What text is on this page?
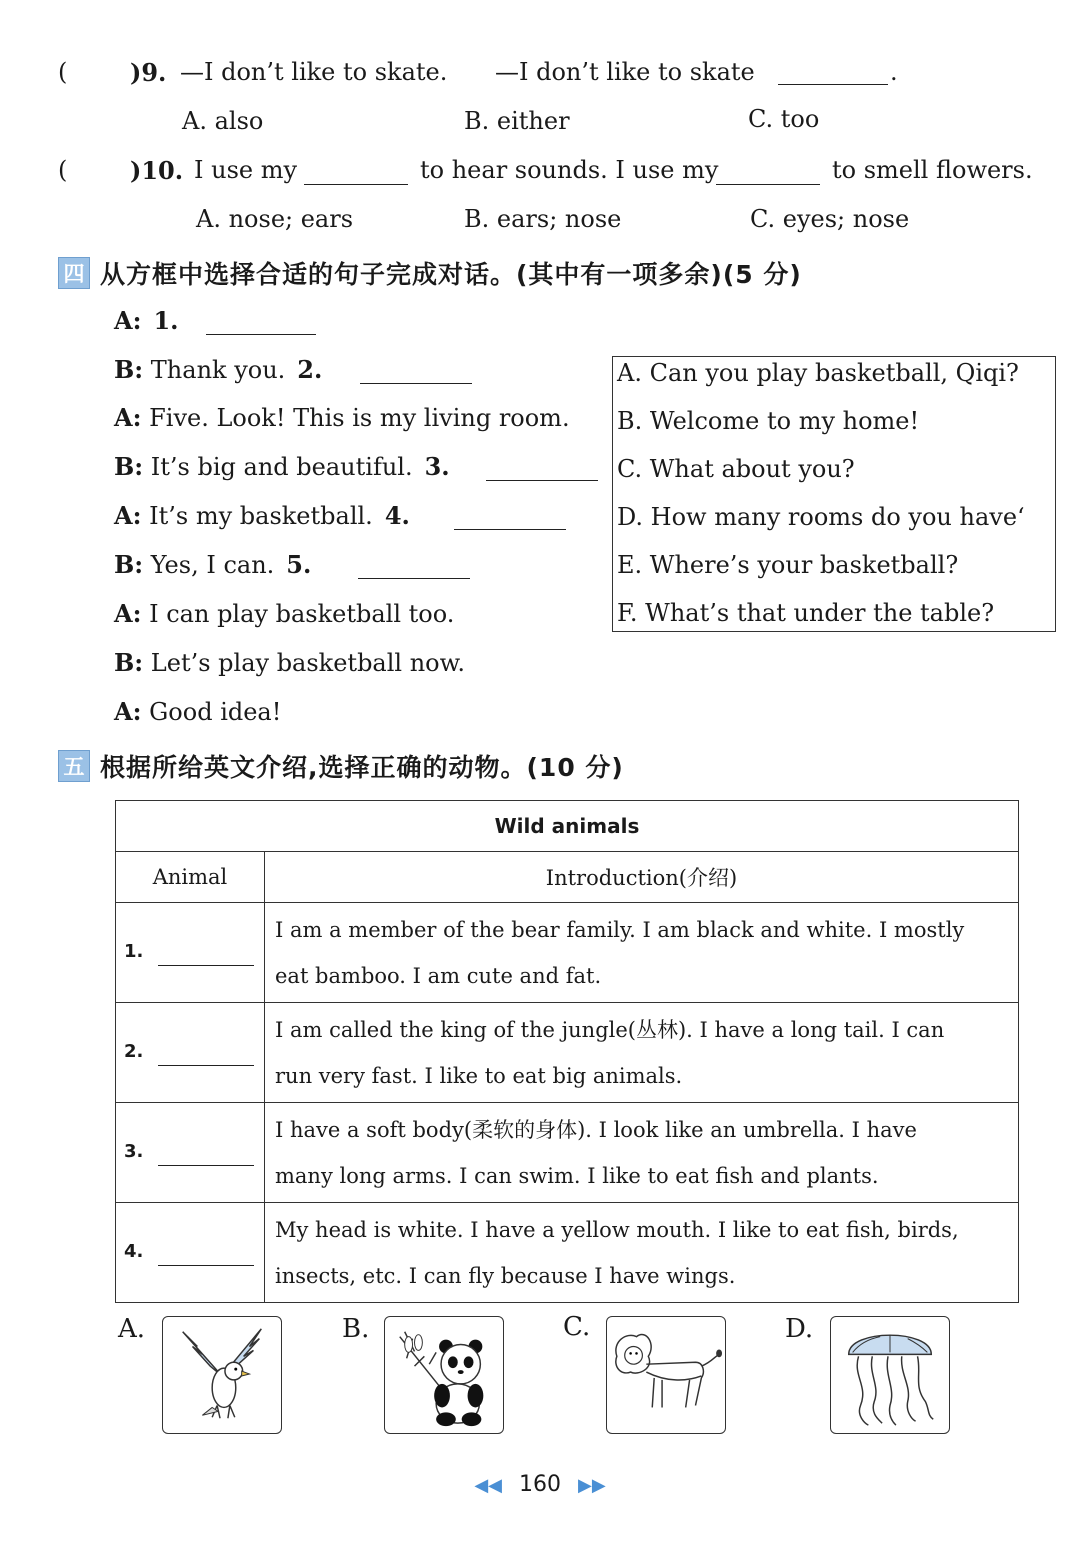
(	)9. —I don’t like to skate. —I don’t like to skate	.
A. also	B. either	C. too
(	)10. I use my	to hear sounds. I use my	to smell flowers.
A. nose; ears	B. ears; nose	C. eyes; nose
四 从方框中选择合适的句子完成对话。(其中有一项多余)(5 分)
A: 1.
B: Thank you. 2.
A: Five. Look! This is my living room.
B: It’s big and beautiful. 3.
A: It’s my basketball. 4.
B: Yes, I can. 5.
A: I can play basketball too.
B: Let’s play basketball now.
A: Good idea!
A. Can you play basketball, Qiqi?
B. Welcome to my home!
C. What about you?
D. How many rooms do you have‘
E. Where’s your basketball?
F. What’s that under the table?
五 根据所给英文介绍,选择正确的动物。(10 分)
Wild animals	
Animal	Introduction(介绍)

1.	I am a member of the bear family. I am black and white. I mostly
eat bamboo. I am cute and fat.

2.	I am called the king of the jungle(丛林). I have a long tail. I can
run very fast. I like to eat big animals.

3.	I have a soft body(柔软的身体). I look like an umbrella. I have
many long arms. I can swim. I like to eat fish and plants.

4.	My head is white. I have a yellow mouth. I like to eat fish, birds,
insects, etc. I can fly because I have wings.
A.	B.	C.	D.
◀◀ 160 ▶▶
